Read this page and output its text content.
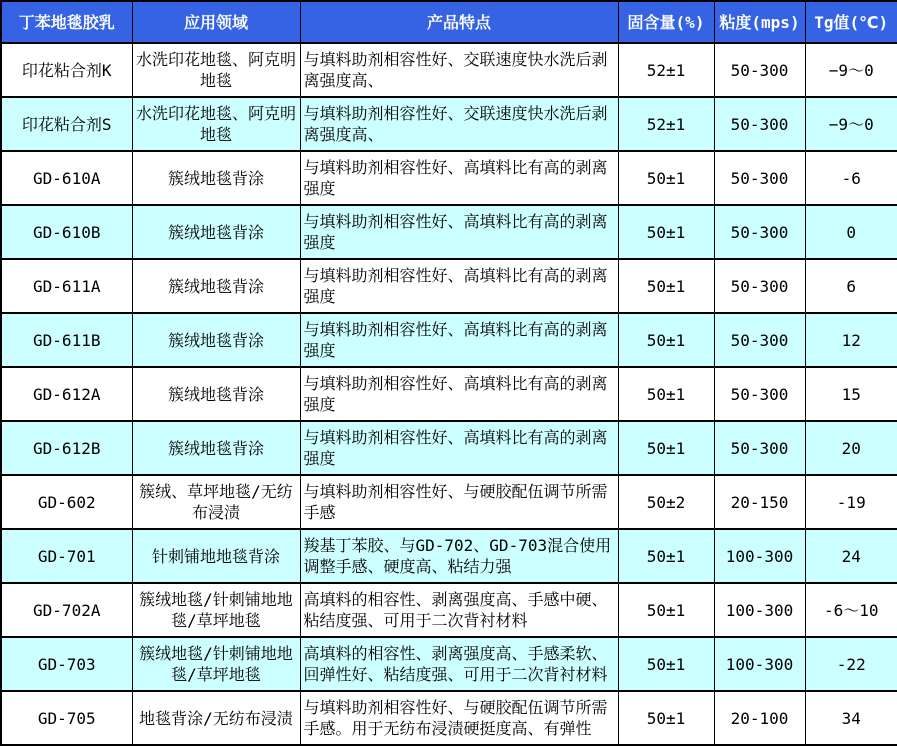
丁苯地毯胶乳	应用领域	产品特点	固含量(%)	粘度(mps)	Tg值(℃)
印花粘合剂K	水洗印花地毯、阿克明地毯	与填料助剂相容性好、交联速度快水洗后剥离强度高、	52±1	50-300	−9～0
印花粘合剂S	水洗印花地毯、阿克明地毯	与填料助剂相容性好、交联速度快水洗后剥离强度高、	52±1	50-300	−9～0
GD-610A	簇绒地毯背涂	与填料助剂相容性好、高填料比有高的剥离强度	50±1	50-300	-6
GD-610B	簇绒地毯背涂	与填料助剂相容性好、高填料比有高的剥离强度	50±1	50-300	0
GD-611A	簇绒地毯背涂	与填料助剂相容性好、高填料比有高的剥离强度	50±1	50-300	6
GD-611B	簇绒地毯背涂	与填料助剂相容性好、高填料比有高的剥离强度	50±1	50-300	12
GD-612A	簇绒地毯背涂	与填料助剂相容性好、高填料比有高的剥离强度	50±1	50-300	15
GD-612B	簇绒地毯背涂	与填料助剂相容性好、高填料比有高的剥离强度	50±1	50-300	20
GD-602	簇绒、草坪地毯/无纺布浸渍	与填料助剂相容性好、与硬胶配伍调节所需手感	50±2	20-150	-19
GD-701	针刺铺地地毯背涂	羧基丁苯胶、与GD-702、GD-703混合使用调整手感、硬度高、粘结力强	50±1	100-300	24
GD-702A	簇绒地毯/针刺铺地地毯/草坪地毯	高填料的相容性、剥离强度高、手感中硬、粘结度强、可用于二次背衬材料	50±1	100-300	-6～10
GD-703	簇绒地毯/针刺铺地地毯/草坪地毯	高填料的相容性、剥离强度高、手感柔软、回弹性好、粘结度强、可用于二次背衬材料	50±1	100-300	-22
GD-705	地毯背涂/无纺布浸渍	与填料助剂相容性好、与硬胶配伍调节所需手感。用于无纺布浸渍硬挺度高、有弹性	50±1	20-100	34
